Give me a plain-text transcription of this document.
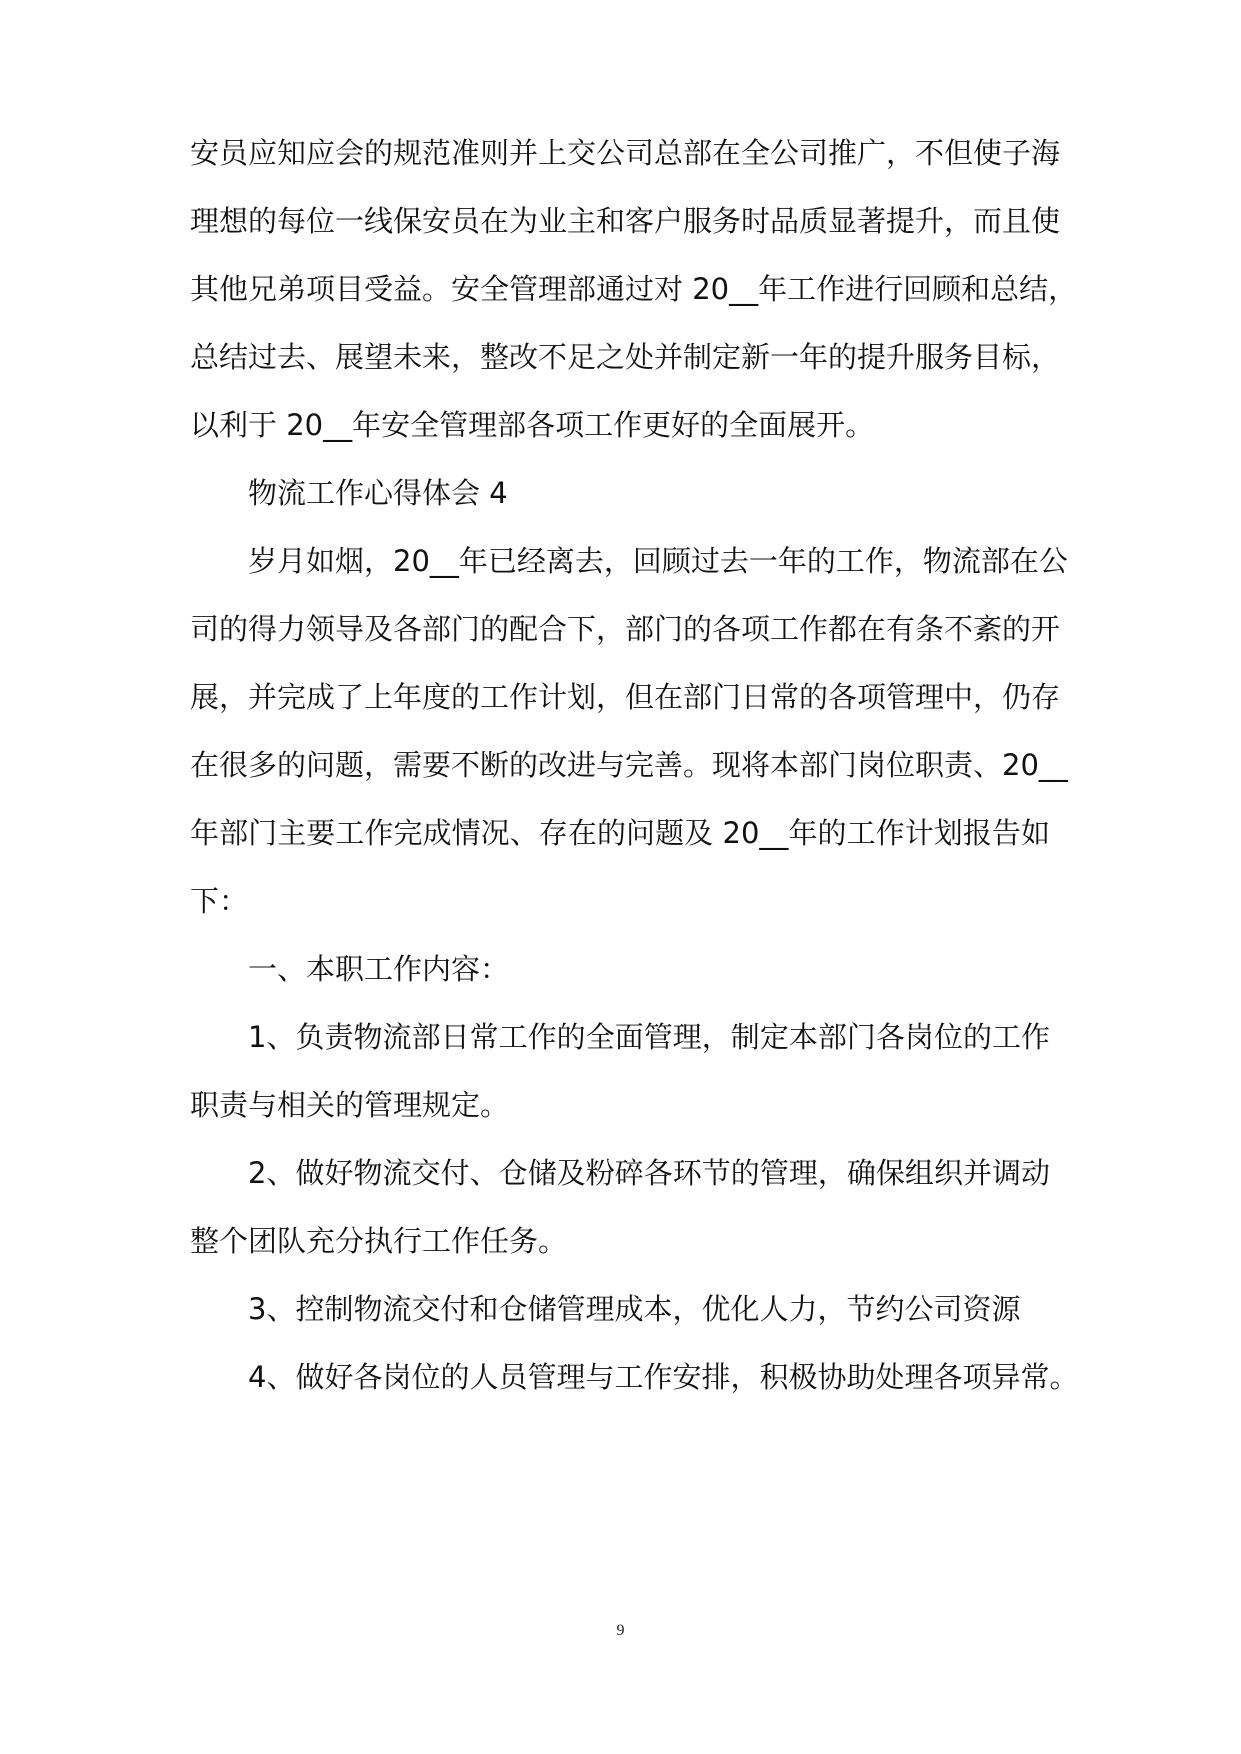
安员应知应会的规范准则并上交公司总部在全公司推广，不但使子海
理想的每位一线保安员在为业主和客户服务时品质显著提升，而且使
其他兄弟项目受益。安全管理部通过对 20__年工作进行回顾和总结，
总结过去、展望未来，整改不足之处并制定新一年的提升服务目标，
以利于 20__年安全管理部各项工作更好的全面展开。
物流工作心得体会 4
岁月如烟，20__年已经离去，回顾过去一年的工作，物流部在公
司的得力领导及各部门的配合下，部门的各项工作都在有条不紊的开
展，并完成了上年度的工作计划，但在部门日常的各项管理中，仍存
在很多的问题，需要不断的改进与完善。现将本部门岗位职责、20__
年部门主要工作完成情况、存在的问题及 20__年的工作计划报告如
下：
一、本职工作内容：
1、负责物流部日常工作的全面管理，制定本部门各岗位的工作
职责与相关的管理规定。
2、做好物流交付、仓储及粉碎各环节的管理，确保组织并调动
整个团队充分执行工作任务。
3、控制物流交付和仓储管理成本，优化人力，节约公司资源
4、做好各岗位的人员管理与工作安排，积极协助处理各项异常。
9
